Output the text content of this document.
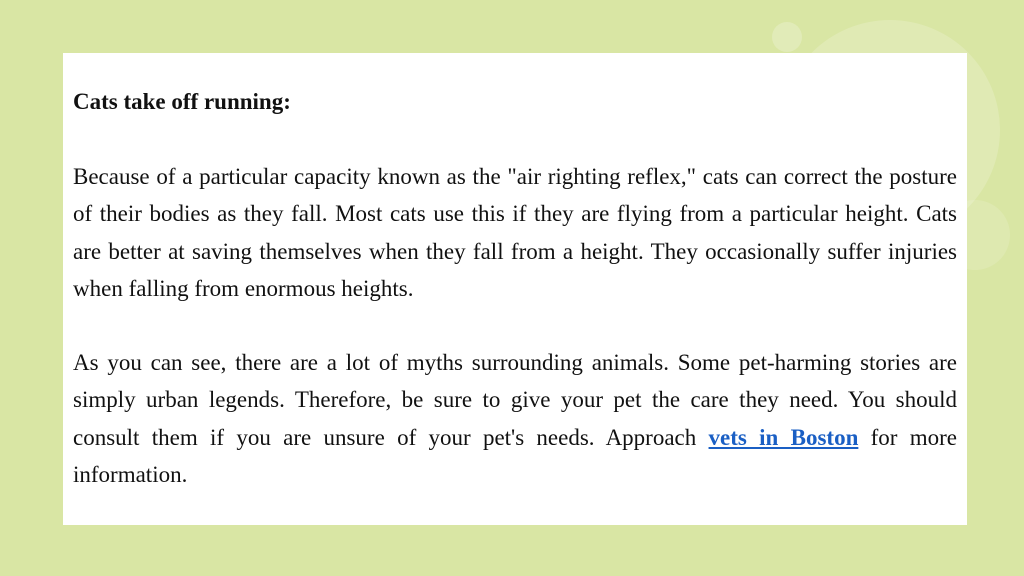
Cats take off running:

Because of a particular capacity known as the "air righting reflex," cats can correct the posture of their bodies as they fall. Most cats use this if they are flying from a particular height. Cats are better at saving themselves when they fall from a height. They occasionally suffer injuries when falling from enormous heights.

As you can see, there are a lot of myths surrounding animals. Some pet-harming stories are simply urban legends. Therefore, be sure to give your pet the care they need. You should consult them if you are unsure of your pet's needs. Approach vets in Boston for more information.
